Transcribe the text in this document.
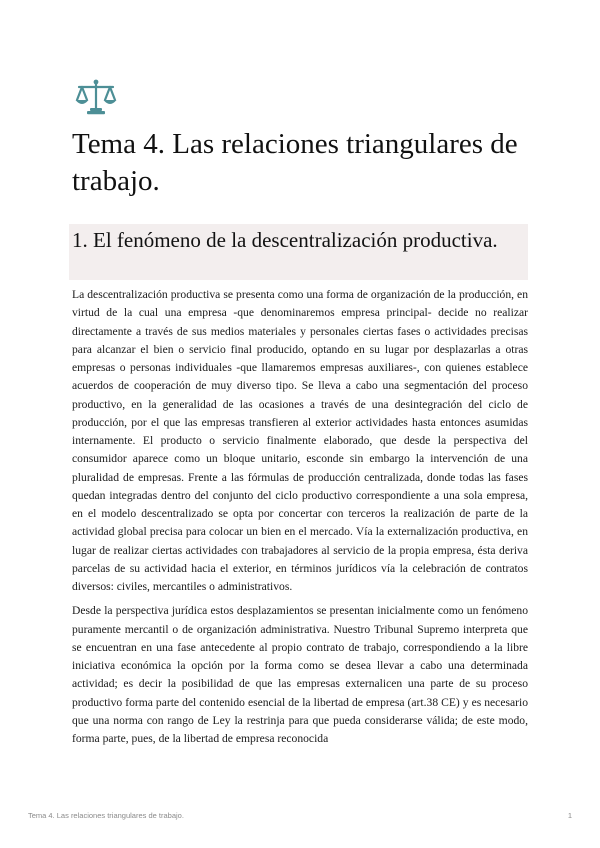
Tema 4. Las relaciones triangulares de trabajo.
1. El fenómeno de la descentralización productiva.

La descentralización productiva se presenta como una forma de organización de la producción, en virtud de la cual una empresa -que denominaremos empresa principal- decide no realizar directamente a través de sus medios materiales y personales ciertas fases o actividades precisas para alcanzar el bien o servicio final producido, optando en su lugar por desplazarlas a otras empresas o personas individuales -que llamaremos empresas auxiliares-, con quienes establece acuerdos de cooperación de muy diverso tipo. Se lleva a cabo una segmentación del proceso productivo, en la generalidad de las ocasiones a través de una desintegración del ciclo de producción, por el que las empresas transfieren al exterior actividades hasta entonces asumidas internamente. El producto o servicio finalmente elaborado, que desde la perspectiva del consumidor aparece como un bloque unitario, esconde sin embargo la intervención de una pluralidad de empresas. Frente a las fórmulas de producción centralizada, donde todas las fases quedan integradas dentro del conjunto del ciclo productivo correspondiente a una sola empresa, en el modelo descentralizado se opta por concertar con terceros la realización de parte de la actividad global precisa para colocar un bien en el mercado. Vía la externalización productiva, en lugar de realizar ciertas actividades con trabajadores al servicio de la propia empresa, ésta deriva parcelas de su actividad hacia el exterior, en términos jurídicos vía la celebración de contratos diversos: civiles, mercantiles o administrativos.

Desde la perspectiva jurídica estos desplazamientos se presentan inicialmente como un fenómeno puramente mercantil o de organización administrativa. Nuestro Tribunal Supremo interpreta que se encuentran en una fase antecedente al propio contrato de trabajo, correspondiendo a la libre iniciativa económica la opción por la forma como se desea llevar a cabo una determinada actividad; es decir la posibilidad de que las empresas externalicen una parte de su proceso productivo forma parte del contenido esencial de la libertad de empresa (art.38 CE) y es necesario que una norma con rango de Ley la restrinja para que pueda considerarse válida; de este modo, forma parte, pues, de la libertad de empresa reconocida

Tema 4. Las relaciones triangulares de trabajo.	1
